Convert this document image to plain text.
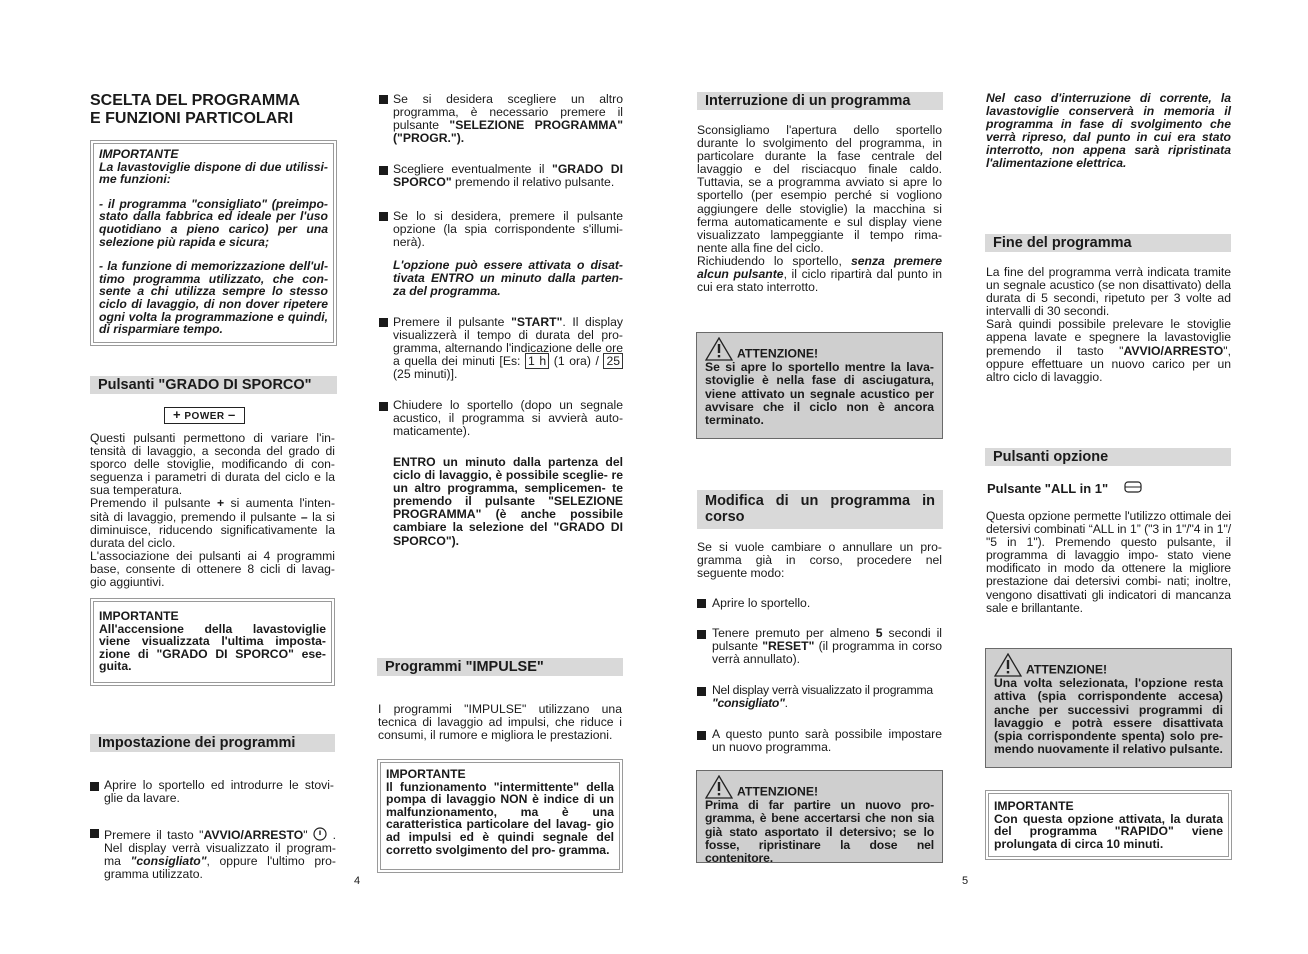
SCELTA DEL PROGRAMMA
E FUNZIONI PARTICOLARI
IMPORTANTE
La lavastoviglie dispone di due utilissi- me funzioni:
- il programma "consigliato" (preimpo- stato dalla fabbrica ed ideale per l'uso quotidiano a pieno carico) per una selezione più rapida e sicura;
- la funzione di memorizzazione dell'ul- timo programma utilizzato, che con- sente a chi utilizza sempre lo stesso ciclo di lavaggio, di non dover ripetere ogni volta la programmazione e quindi, di risparmiare tempo.
Pulsanti "GRADO DI SPORCO"
+ POWER –
Questi pulsanti permettono di variare l'in- tensità di lavaggio, a seconda del grado di sporco delle stoviglie, modificando di con- seguenza i parametri di durata del ciclo e la sua temperatura.
Premendo il pulsante + si aumenta l'inten- sità di lavaggio, premendo il pulsante – la si diminuisce, riducendo significativamente la durata del ciclo.
L'associazione dei pulsanti ai 4 programmi base, consente di ottenere 8 cicli di lavag- gio aggiuntivi.
IMPORTANTE
All'accensione della lavastoviglie viene visualizzata l'ultima imposta- zione di "GRADO DI SPORCO" ese- guita.
Impostazione dei programmi
Aprire lo sportello ed introdurre le stovi- glie da lavare.
Premere il tasto "AVVIO/ARRESTO" . Nel display verrà visualizzato il program- ma "consigliato", oppure l'ultimo pro- gramma utilizzato.	4
Se si desidera scegliere un altro programma, è necessario premere il pulsante "SELEZIONE PROGRAMMA" ("PROGR.").
Scegliere eventualmente il "GRADO DI SPORCO" premendo il relativo pulsante.
Se lo si desidera, premere il pulsante opzione (la spia corrispondente s'illumi- nerà).
L'opzione può essere attivata o disat- tivata ENTRO un minuto dalla parten- za del programma.
Premere il pulsante "START". Il display visualizzerà il tempo di durata del pro- gramma, alternando l'indicazione delle ore a quella dei minuti [Es: 1 h (1 ora) / 25 (25 minuti)].
Chiudere lo sportello (dopo un segnale acustico, il programma si avvierà auto- maticamente).
ENTRO un minuto dalla partenza del ciclo di lavaggio, è possibile sceglie- re un altro programma, semplicemen- te premendo il pulsante "SELEZIONE PROGRAMMA" (è anche possibile cambiare la selezione del "GRADO DI SPORCO").
Programmi "IMPULSE"
I programmi "IMPULSE" utilizzano una tecnica di lavaggio ad impulsi, che riduce i consumi, il rumore e migliora le prestazioni.
IMPORTANTE
Il funzionamento "intermittente" della pompa di lavaggio NON è indice di un malfunzionamento, ma è una caratteristica particolare del lavag- gio ad impulsi ed è quindi segnale del corretto svolgimento del pro- gramma.
Interruzione di un programma
Sconsigliamo l'apertura dello sportello durante lo svolgimento del programma, in particolare durante la fase centrale del lavaggio e del risciacquo finale caldo. Tuttavia, se a programma avviato si apre lo sportello (per esempio perché si vogliono aggiungere delle stoviglie) la macchina si ferma automaticamente e sul display viene visualizzato lampeggiante il tempo rima- nente alla fine del ciclo.
Richiudendo lo sportello, senza premere alcun pulsante, il ciclo ripartirà dal punto in cui era stato interrotto.
ATTENZIONE!
Se si apre lo sportello mentre la lava- stoviglie è nella fase di asciugatura, viene attivato un segnale acustico per avvisare che il ciclo non è ancora terminato.
Modifica di un programma in corso
Se si vuole cambiare o annullare un pro- gramma già in corso, procedere nel seguente modo:
Aprire lo sportello.
Tenere premuto per almeno 5 secondi il pulsante "RESET" (il programma in corso verrà annullato).
Nel display verrà visualizzato il programma "consigliato".
A questo punto sarà possibile impostare un nuovo programma.
ATTENZIONE!
Prima di far partire un nuovo pro- gramma, è bene accertarsi che non sia già stato asportato il detersivo; se lo fosse, ripristinare la dose nel contenitore.
Nel caso d'interruzione di corrente, la lavastoviglie conserverà in memoria il programma in fase di svolgimento che verrà ripreso, dal punto in cui era stato interrotto, non appena sarà ripristinata l'alimentazione elettrica.
Fine del programma
La fine del programma verrà indicata tramite un segnale acustico (se non disattivato) della durata di 5 secondi, ripetuto per 3 volte ad intervalli di 30 secondi.
Sarà quindi possibile prelevare le stoviglie appena lavate e spegnere la lavastoviglie premendo il tasto "AVVIO/ARRESTO", oppure effettuare un nuovo carico per un altro ciclo di lavaggio.
Pulsanti opzione
Pulsante "ALL in 1"
Questa opzione permette l'utilizzo ottimale dei detersivi combinati “ALL in 1” ("3 in 1"/"4 in 1"/ "5 in 1"). Premendo questo pulsante, il programma di lavaggio impo- stato viene modificato in modo da ottenere la migliore prestazione dai detersivi combi- nati; inoltre, vengono disattivati gli indicatori di mancanza sale e brillantante.
ATTENZIONE!
Una volta selezionata, l'opzione resta attiva (spia corrispondente accesa) anche per successivi programmi di lavaggio e potrà essere disattivata (spia corrispondente spenta) solo pre- mendo nuovamente il relativo pulsante.
IMPORTANTE
Con questa opzione attivata, la durata del programma "RAPIDO" viene prolungata di circa 10 minuti.
5
